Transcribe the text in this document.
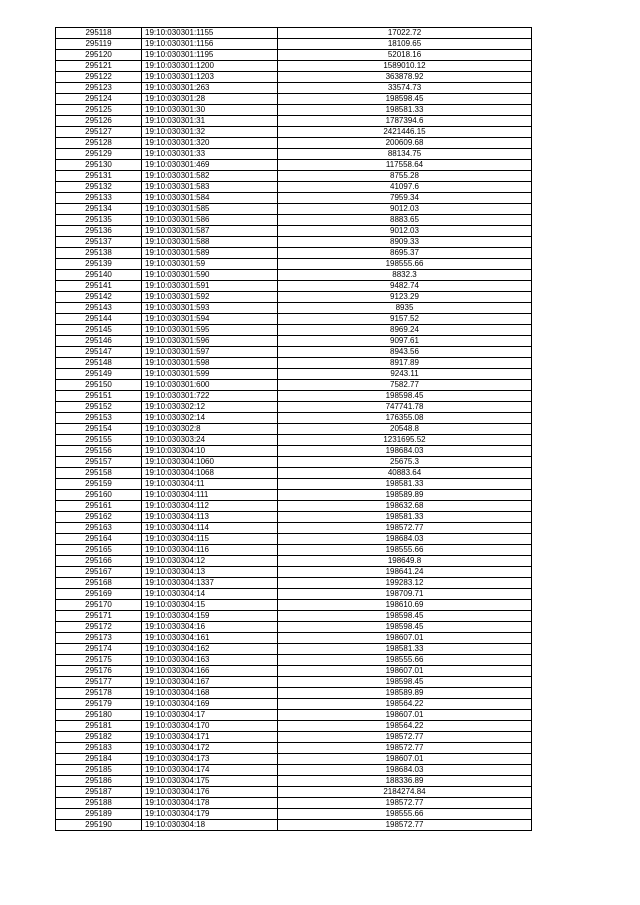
295118	19:10:030301:1155	17022.72
295119	19:10:030301:1156	18109.65
295120	19:10:030301:1195	52018.16
295121	19:10:030301:1200	1589010.12
295122	19:10:030301:1203	363878.92
295123	19:10:030301:263	33574.73
295124	19:10:030301:28	198598.45
295125	19:10:030301:30	198581.33
295126	19:10:030301:31	1787394.6
295127	19:10:030301:32	2421446.15
295128	19:10:030301:320	200609.68
295129	19:10:030301:33	88134.75
295130	19:10:030301:469	117558.64
295131	19:10:030301:582	8755.28
295132	19:10:030301:583	41097.6
295133	19:10:030301:584	7959.34
295134	19:10:030301:585	9012.03
295135	19:10:030301:586	8883.65
295136	19:10:030301:587	9012.03
295137	19:10:030301:588	8909.33
295138	19:10:030301:589	8695.37
295139	19:10:030301:59	198555.66
295140	19:10:030301:590	8832.3
295141	19:10:030301:591	9482.74
295142	19:10:030301:592	9123.29
295143	19:10:030301:593	8935
295144	19:10:030301:594	9157.52
295145	19:10:030301:595	8969.24
295146	19:10:030301:596	9097.61
295147	19:10:030301:597	8943.56
295148	19:10:030301:598	8917.89
295149	19:10:030301:599	9243.11
295150	19:10:030301:600	7582.77
295151	19:10:030301:722	198598.45
295152	19:10:030302:12	747741.78
295153	19:10:030302:14	176355.08
295154	19:10:030302:8	20548.8
295155	19:10:030303:24	1231695.52
295156	19:10:030304:10	198684.03
295157	19:10:030304:1060	25675.3
295158	19:10:030304:1068	40883.64
295159	19:10:030304:11	198581.33
295160	19:10:030304:111	198589.89
295161	19:10:030304:112	198632.68
295162	19:10:030304:113	198581.33
295163	19:10:030304:114	198572.77
295164	19:10:030304:115	198684.03
295165	19:10:030304:116	198555.66
295166	19:10:030304:12	198649.8
295167	19:10:030304:13	198641.24
295168	19:10:030304:1337	199283.12
295169	19:10:030304:14	198709.71
295170	19:10:030304:15	198610.69
295171	19:10:030304:159	198598.45
295172	19:10:030304:16	198598.45
295173	19:10:030304:161	198607.01
295174	19:10:030304:162	198581.33
295175	19:10:030304:163	198555.66
295176	19:10:030304:166	198607.01
295177	19:10:030304:167	198598.45
295178	19:10:030304:168	198589.89
295179	19:10:030304:169	198564.22
295180	19:10:030304:17	198607.01
295181	19:10:030304:170	198564.22
295182	19:10:030304:171	198572.77
295183	19:10:030304:172	198572.77
295184	19:10:030304:173	198607.01
295185	19:10:030304:174	198684.03
295186	19:10:030304:175	188336.89
295187	19:10:030304:176	2184274.84
295188	19:10:030304:178	198572.77
295189	19:10:030304:179	198555.66
295190	19:10:030304:18	198572.77
